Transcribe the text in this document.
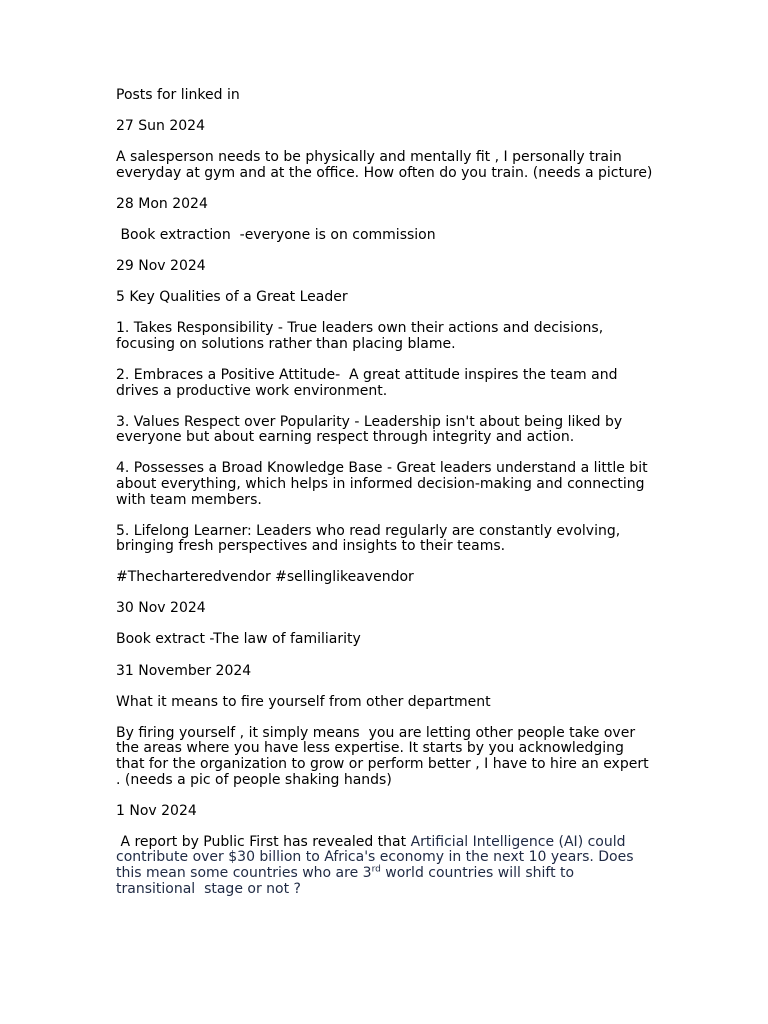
Posts for linked in

27 Sun 2024

A salesperson needs to be physically and mentally fit , I personally train everyday at gym and at the office. How often do you train. (needs a picture)

28 Mon 2024

Book extraction  -everyone is on commission

29 Nov 2024

5 Key Qualities of a Great Leader

1. Takes Responsibility - True leaders own their actions and decisions, focusing on solutions rather than placing blame.

2. Embraces a Positive Attitude-  A great attitude inspires the team and drives a productive work environment.

3. Values Respect over Popularity - Leadership isn't about being liked by everyone but about earning respect through integrity and action.

4. Possesses a Broad Knowledge Base - Great leaders understand a little bit about everything, which helps in informed decision-making and connecting with team members.

5. Lifelong Learner: Leaders who read regularly are constantly evolving, bringing fresh perspectives and insights to their teams.

#Thecharteredvendor #sellinglikeavendor

30 Nov 2024

Book extract -The law of familiarity

31 November 2024

What it means to fire yourself from other department

By firing yourself , it simply means  you are letting other people take over the areas where you have less expertise. It starts by you acknowledging that for the organization to grow or perform better , I have to hire an expert . (needs a pic of people shaking hands)

1 Nov 2024

A report by Public First has revealed that Artificial Intelligence (AI) could contribute over $30 billion to Africa's economy in the next 10 years. Does this mean some countries who are 3rd world countries will shift to transitional  stage or not ?
